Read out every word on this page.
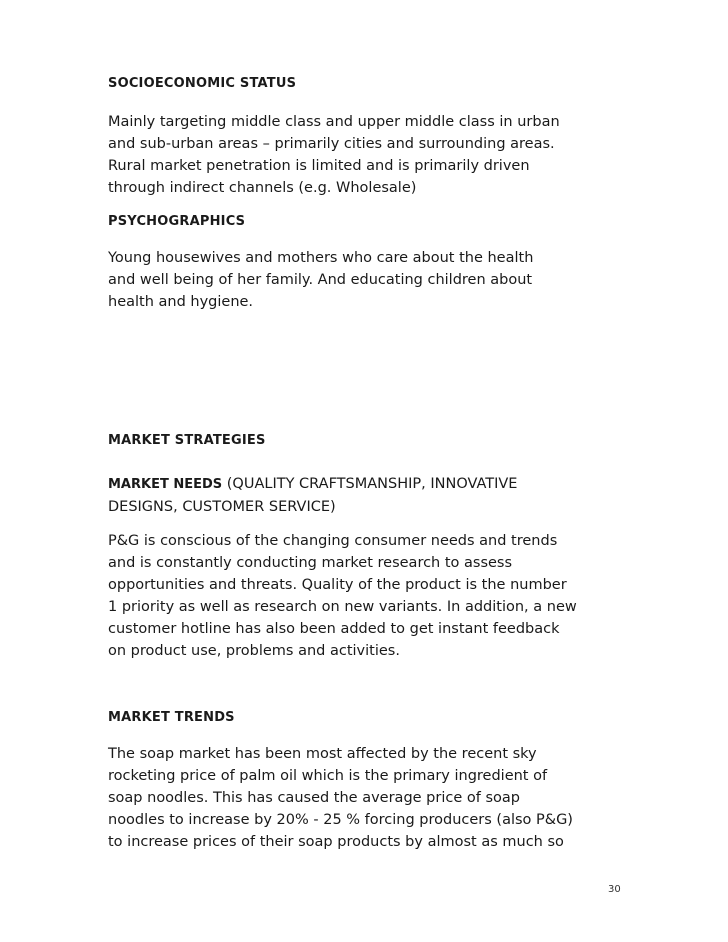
SOCIOECONOMIC STATUS
Mainly targeting middle class and upper middle class in urban
and sub-urban areas – primarily cities and surrounding areas.
Rural market penetration is limited and is primarily driven
through indirect channels (e.g. Wholesale)
PSYCHOGRAPHICS
Young housewives and mothers who care about the health
and well being of her family. And educating children about
health and hygiene.
MARKET STRATEGIES
MARKET NEEDS (QUALITY CRAFTSMANSHIP, INNOVATIVE
DESIGNS, CUSTOMER SERVICE)
P&G is conscious of the changing consumer needs and trends
and is constantly conducting market research to assess
opportunities and threats. Quality of the product is the number
1 priority as well as research on new variants. In addition, a new
customer hotline has also been added to get instant feedback
on product use, problems and activities.
MARKET TRENDS
The soap market has been most affected by the recent sky
rocketing price of palm oil which is the primary ingredient of
soap noodles. This has caused the average price of soap
noodles to increase by 20% - 25 % forcing producers (also P&G)
to increase prices of their soap products by almost as much so
30
